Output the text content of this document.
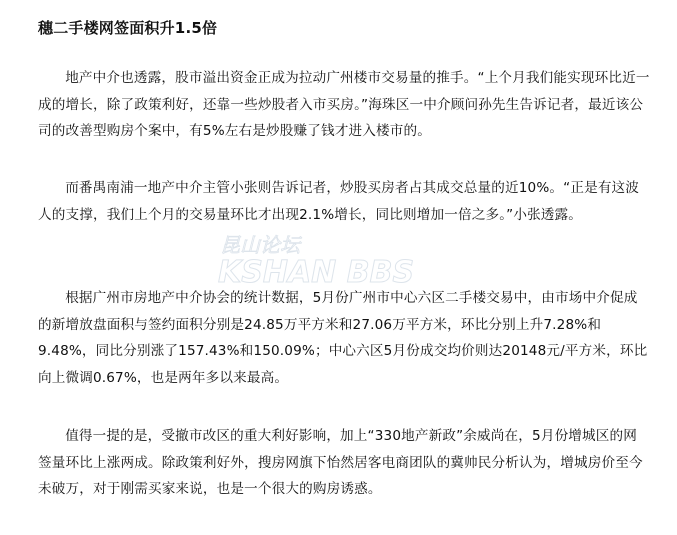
穗二手楼网签面积升1.5倍

地产中介也透露，股市溢出资金正成为拉动广州楼市交易量的推手。“上个月我们能实现环比近一成的增长，除了政策利好，还靠一些炒股者入市买房。”海珠区一中介顾问孙先生告诉记者，最近该公司的改善型购房个案中，有5%左右是炒股赚了钱才进入楼市的。

而番禺南浦一地产中介主管小张则告诉记者，炒股买房者占其成交总量的近10%。“正是有这波人的支撑，我们上个月的交易量环比才出现2.1%增长，同比则增加一倍之多。”小张透露。

根据广州市房地产中介协会的统计数据，5月份广州市中心六区二手楼交易中，由市场中介促成的新增放盘面积与签约面积分别是24.85万平方米和27.06万平方米，环比分别上升7.28%和9.48%，同比分别涨了157.43%和150.09%；中心六区5月份成交均价则达20148元/平方米，环比向上微调0.67%，也是两年多以来最高。

值得一提的是，受撤市改区的重大利好影响，加上“330地产新政”余威尚在，5月份增城区的网签量环比上涨两成。除政策利好外，搜房网旗下怡然居客电商团队的冀帅民分析认为，增城房价至今未破万，对于刚需买家来说，也是一个很大的购房诱惑。

昆山论坛
KSHAN BBS
